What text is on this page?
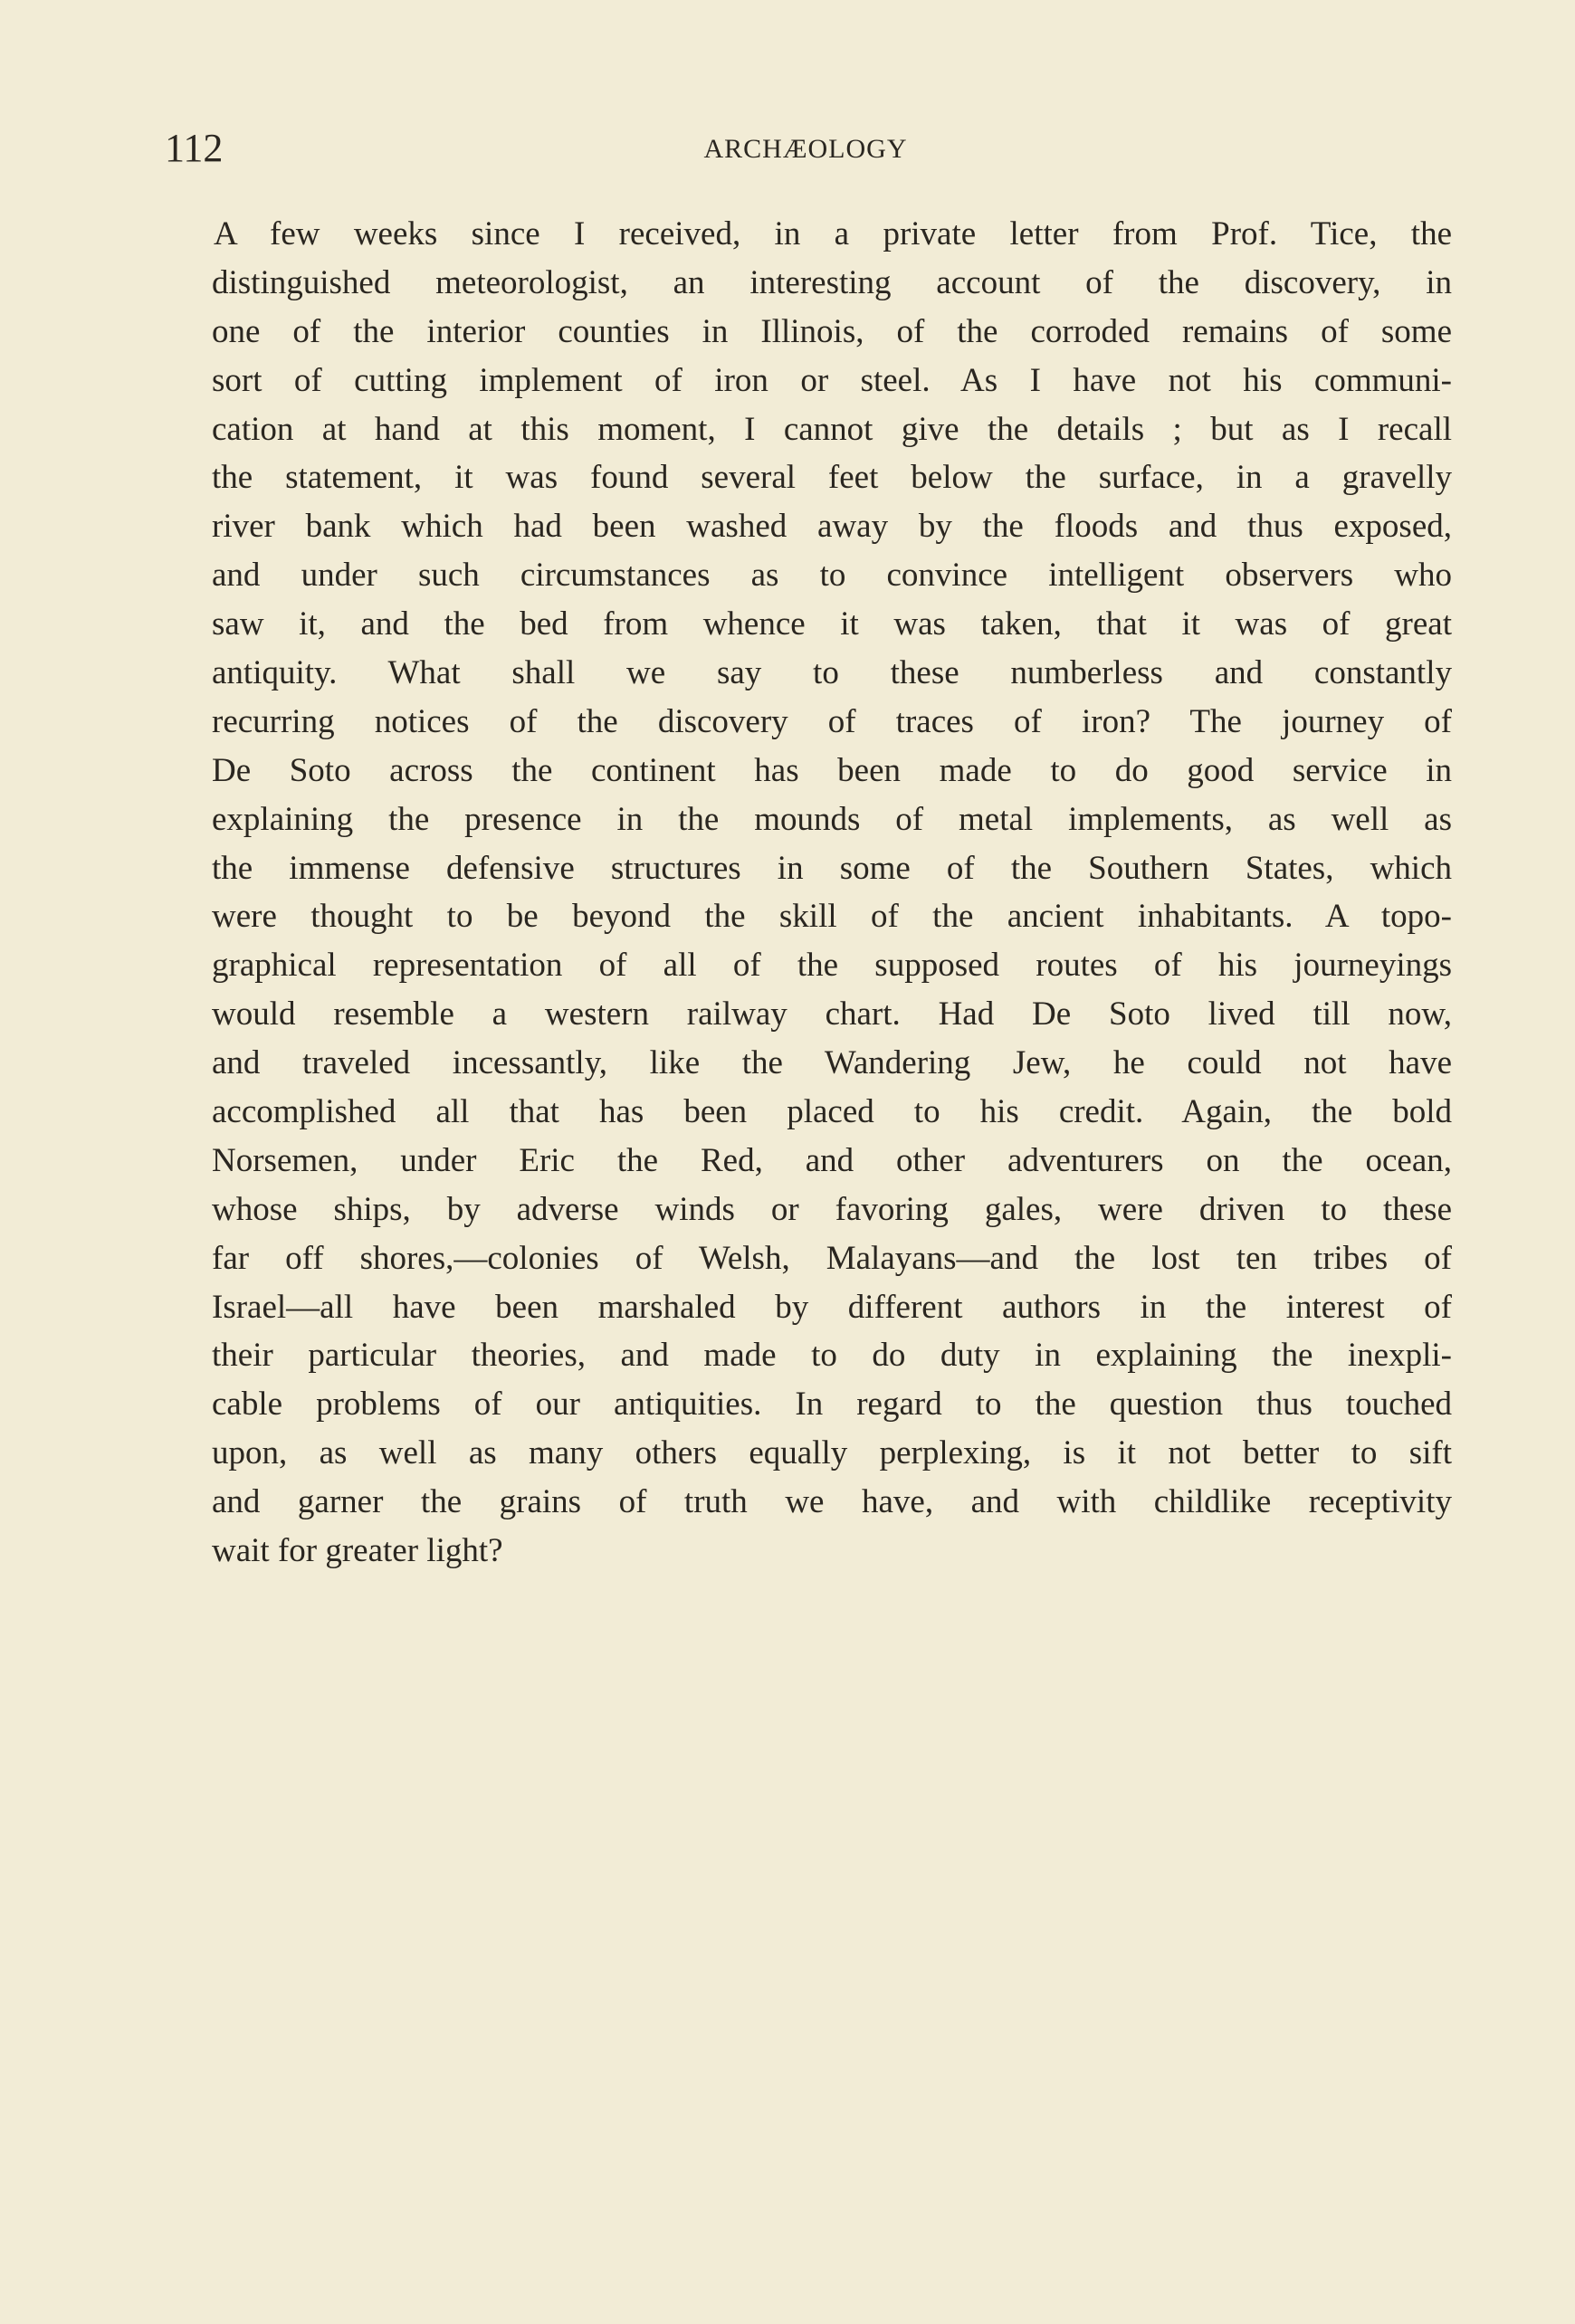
112	ARCHÆOLOGY
A few weeks since I received, in a private letter from Prof. Tice, the
distinguished meteorologist, an interesting account of the discovery, in
one of the interior counties in Illinois, of the corroded remains of some
sort of cutting implement of iron or steel. As I have not his communi-
cation at hand at this moment, I cannot give the details ; but as I recall
the statement, it was found several feet below the surface, in a gravelly
river bank which had been washed away by the floods and thus exposed,
and under such circumstances as to convince intelligent observers who
saw it, and the bed from whence it was taken, that it was of great
antiquity. What shall we say to these numberless and constantly
recurring notices of the discovery of traces of iron? The journey of
De Soto across the continent has been made to do good service in
explaining the presence in the mounds of metal implements, as well as
the immense defensive structures in some of the Southern States, which
were thought to be beyond the skill of the ancient inhabitants. A topo-
graphical representation of all of the supposed routes of his journeyings
would resemble a western railway chart. Had De Soto lived till now,
and traveled incessantly, like the Wandering Jew, he could not have
accomplished all that has been placed to his credit. Again, the bold
Norsemen, under Eric the Red, and other adventurers on the ocean,
whose ships, by adverse winds or favoring gales, were driven to these
far off shores,—colonies of Welsh, Malayans—and the lost ten tribes of
Israel—all have been marshaled by different authors in the interest of
their particular theories, and made to do duty in explaining the inexpli-
cable problems of our antiquities. In regard to the question thus touched
upon, as well as many others equally perplexing, is it not better to sift
and garner the grains of truth we have, and with childlike receptivity
wait for greater light?
